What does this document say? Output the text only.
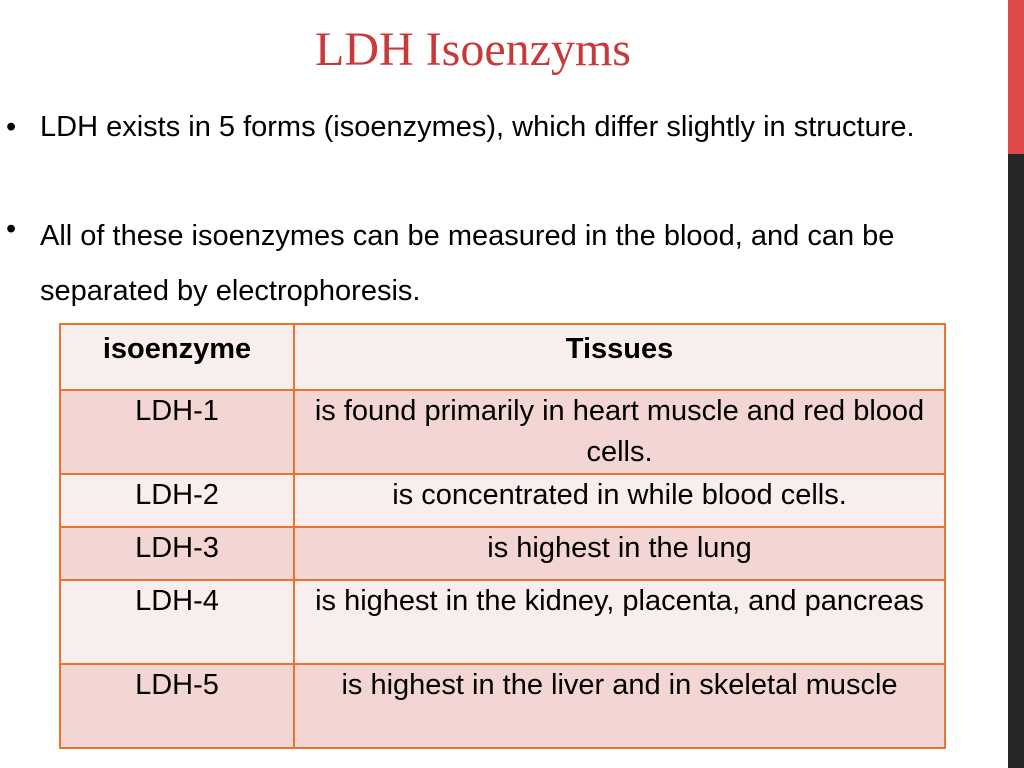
LDH Isoenzyms
• LDH exists in 5 forms (isoenzymes), which differ slightly in structure.
• All of these isoenzymes can be measured in the blood, and can be separated by electrophoresis.
isoenzyme	Tissues
LDH-1	is found primarily in heart muscle and red blood cells.
LDH-2	is concentrated in while blood cells.
LDH-3	is highest in the lung
LDH-4	is highest in the kidney, placenta, and pancreas
LDH-5	is highest in the liver and in skeletal muscle
